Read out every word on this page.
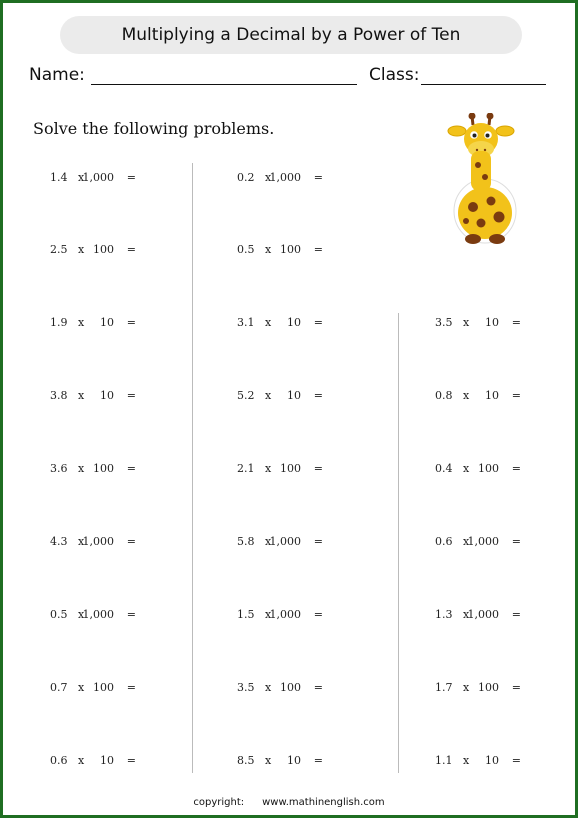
Multiplying a Decimal by a Power of Ten
Name:	Class:
Solve the following problems.
1.4 x
1,000 =
2.5 x 100 =
1.9 x 10 =
3.8 x 10 =
3.6 x 100 =
4.3 x
1,000 =
0.5 x
1,000 =
0.7 x 100 =
0.6 x 10 =
0.2 x
1,000 =
0.5 x 100 =
3.1 x 10 =
5.2 x 10 =
2.1 x 100 =
5.8 x
1,000 =
1.5 x
1,000 =
3.5 x 100 =
8.5 x 10 =
3.5 x 10 =
0.8 x 10 =
0.4 x 100 =
0.6 x
1,000 =
1.3 x
1,000 =
1.7 x 100 =
1.1 x 10 =
copyright: www.mathinenglish.com
